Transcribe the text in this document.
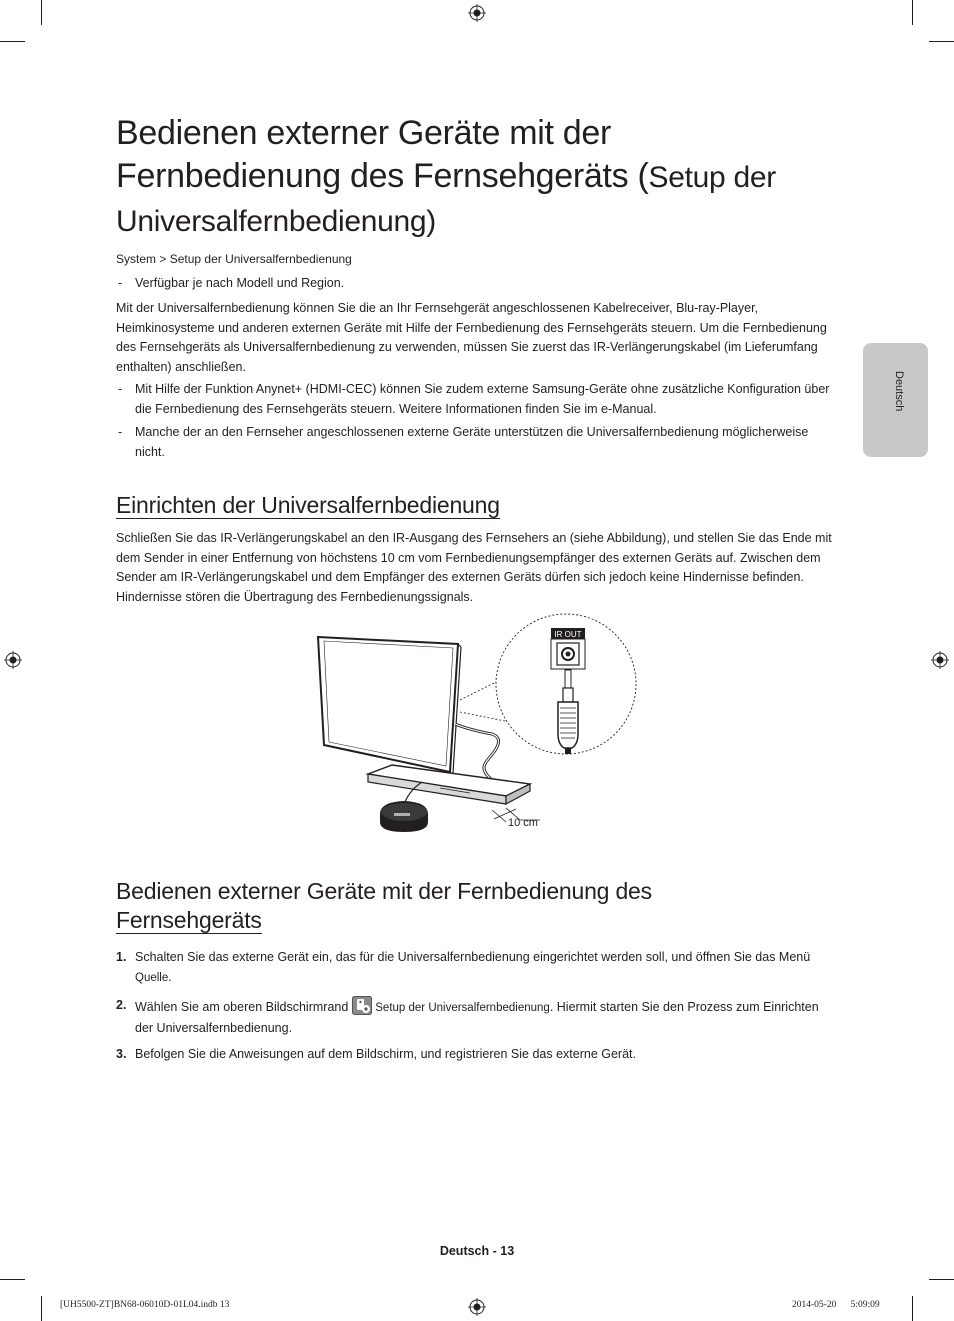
Bedienen externer Geräte mit der
Fernbedienung des Fernsehgeräts (Setup der
Universalfernbedienung)
System > Setup der Universalfernbedienung
- Verfügbar je nach Modell und Region.

Mit der Universalfernbedienung können Sie die an Ihr Fernsehgerät angeschlossenen Kabelreceiver, Blu-ray-Player, Heimkinosysteme und anderen externen Geräte mit Hilfe der Fernbedienung des Fernsehgeräts steuern. Um die Fernbedienung des Fernsehgeräts als Universalfernbedienung zu verwenden, müssen Sie zuerst das IR-Verlängerungskabel (im Lieferumfang enthalten) anschließen.

- Mit Hilfe der Funktion Anynet+ (HDMI-CEC) können Sie zudem externe Samsung-Geräte ohne zusätzliche Konfiguration über die Fernbedienung des Fernsehgeräts steuern. Weitere Informationen finden Sie im e-Manual.
- Manche der an den Fernseher angeschlossenen externe Geräte unterstützen die Universalfernbedienung möglicherweise nicht.
Einrichten der Universalfernbedienung

Schließen Sie das IR-Verlängerungskabel an den IR-Ausgang des Fernsehers an (siehe Abbildung), und stellen Sie das Ende mit dem Sender in einer Entfernung von höchstens 10 cm vom Fernbedienungsempfänger des externen Geräts auf. Zwischen dem Sender am IR-Verlängerungskabel und dem Empfänger des externen Geräts dürfen sich jedoch keine Hindernisse befinden. Hindernisse stören die Übertragung des Fernbedienungssignals.

IR OUT
10 cm
Bedienen externer Geräte mit der Fernbedienung des
Fernsehgeräts
1. Schalten Sie das externe Gerät ein, das für die Universalfernbedienung eingerichtet werden soll, und öffnen Sie das Menü Quelle.
2. Wählen Sie am oberen Bildschirmrand  Setup der Universalfernbedienung. Hiermit starten Sie den Prozess zum Einrichten der Universalfernbedienung.
3. Befolgen Sie die Anweisungen auf dem Bildschirm, und registrieren Sie das externe Gerät.
Deutsch
Deutsch - 13
[UH5500-ZT]BN68-06010D-01L04.indb 13	2014-05-20   5:09:09
